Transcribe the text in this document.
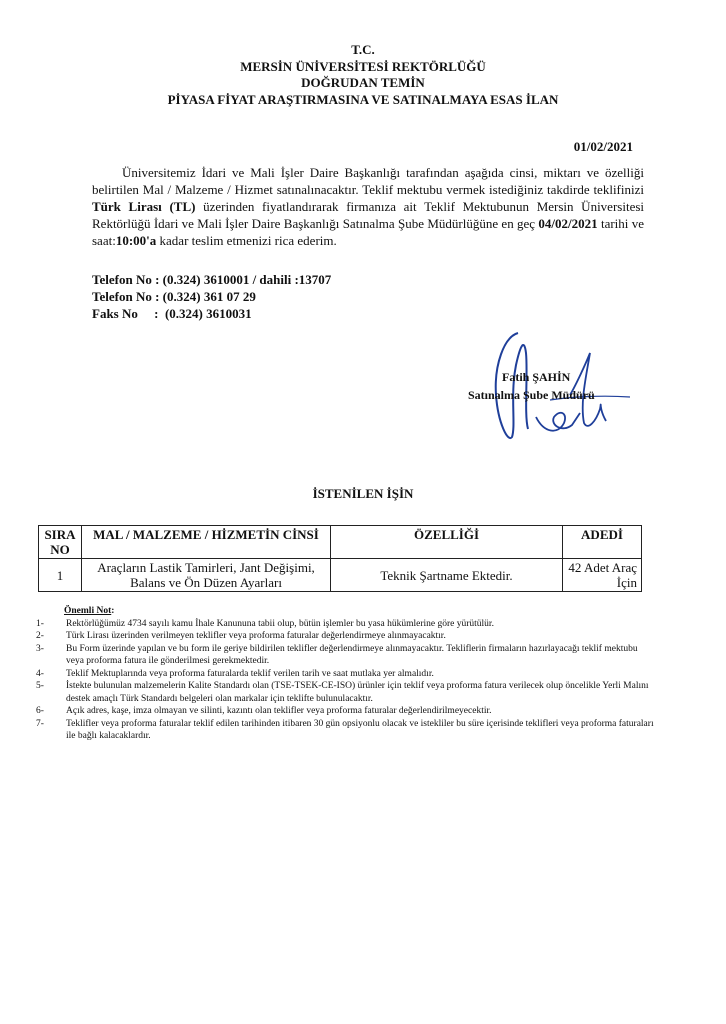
T.C.
MERSİN ÜNİVERSİTESİ REKTÖRLÜĞÜ
DOĞRUDAN TEMİN
PİYASA FİYAT ARAŞTIRMASINA VE SATINALMAYA ESAS İLAN
01/02/2021
Üniversitemiz İdari ve Mali İşler Daire Başkanlığı tarafından aşağıda cinsi, miktarı ve özelliği belirtilen Mal / Malzeme / Hizmet satınalınacaktır. Teklif mektubu vermek istediğiniz takdirde teklifinizi Türk Lirası (TL) üzerinden fiyatlandırarak firmanıza ait Teklif Mektubunun Mersin Üniversitesi Rektörlüğü İdari ve Mali İşler Daire Başkanlığı Satınalma Şube Müdürlüğüne en geç 04/02/2021 tarihi ve saat:10:00'a kadar teslim etmenizi rica ederim.
Telefon No : (0.324) 3610001 / dahili :13707
Telefon No : (0.324) 361 07 29
Faks No     :  (0.324) 3610031
Fatih ŞAHİN
Satınalma Şube Müdürü
İSTENİLEN İŞİN
SIRA NO	MAL / MALZEME / HİZMETİN CİNSİ	ÖZELLİĞİ	ADEDİ
1	Araçların Lastik Tamirleri, Jant Değişimi, Balans ve Ön Düzen Ayarları	Teknik Şartname Ektedir.	42 Adet Araç İçin
Önemli Not:
1-	Rektörlüğümüz 4734 sayılı kamu İhale Kanununa tabii olup, bütün işlemler bu yasa hükümlerine göre yürütülür.
2-	Türk Lirası üzerinden verilmeyen teklifler veya proforma faturalar değerlendirmeye alınmayacaktır.
3-	Bu Form üzerinde yapılan ve bu form ile geriye bildirilen teklifler değerlendirmeye alınmayacaktır. Tekliflerin firmaların hazırlayacağı teklif mektubu veya proforma fatura ile gönderilmesi gerekmektedir.
4-	Teklif Mektuplarında veya proforma faturalarda teklif verilen tarih ve saat mutlaka yer almalıdır.
5-	İstekte bulunulan malzemelerin Kalite Standardı olan (TSE-TSEK-CE-ISO) ürünler için teklif veya proforma fatura verilecek olup öncelikle Yerli Malını destek amaçlı Türk Standardı belgeleri olan markalar için teklifte bulunulacaktır.
6-	Açık adres, kaşe, imza olmayan ve silinti, kazıntı olan teklifler veya proforma faturalar değerlendirilmeyecektir.
7-	Teklifler veya proforma faturalar teklif edilen tarihinden itibaren 30 gün opsiyonlu olacak ve istekliler bu süre içerisinde teklifleri veya proforma faturaları ile bağlı kalacaklardır.
